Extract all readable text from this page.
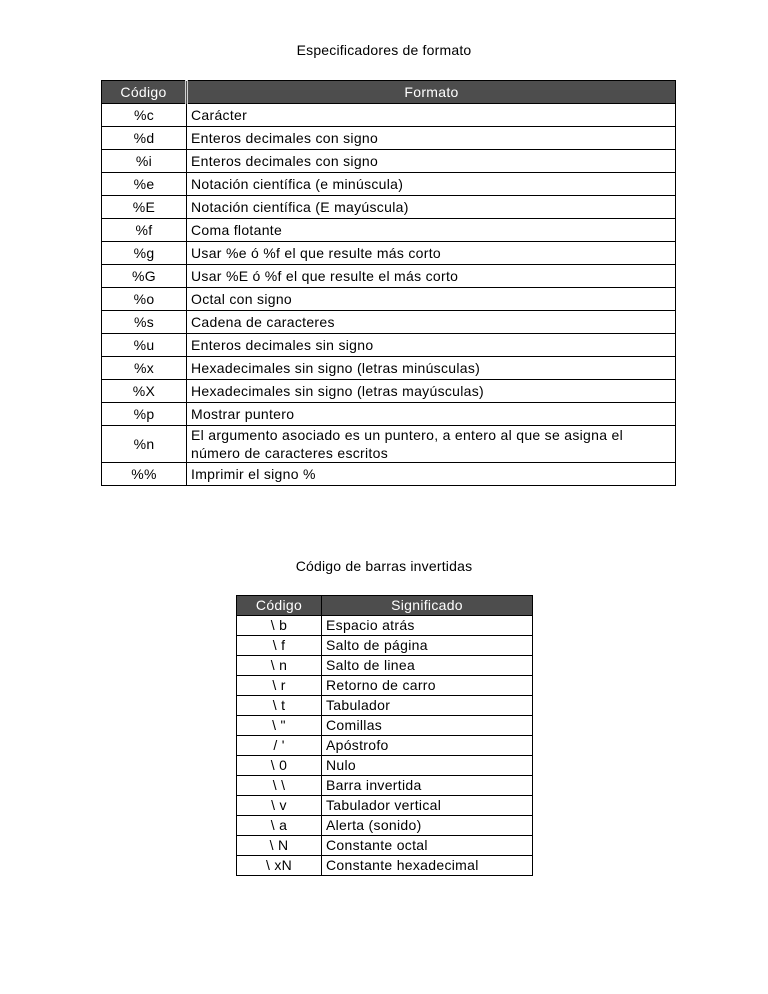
Especificadores de formato
Código	Formato
%c	Carácter
%d	Enteros decimales con signo
%i	Enteros decimales con signo
%e	Notación científica (e minúscula)
%E	Notación científica (E mayúscula)
%f	Coma flotante
%g	Usar %e ó %f el que resulte más corto
%G	Usar %E ó %f el que resulte el más corto
%o	Octal con signo
%s	Cadena de caracteres
%u	Enteros decimales sin signo
%x	Hexadecimales sin signo (letras minúsculas)
%X	Hexadecimales sin signo (letras mayúsculas)
%p	Mostrar puntero
%n	El argumento asociado es un puntero, a entero al que se asigna el número de caracteres escritos
%%	Imprimir el signo %
Código de barras invertidas
Código	Significado
\ b	Espacio atrás
\ f	Salto de página
\ n	Salto de linea
\ r	Retorno de carro
\ t	Tabulador
\ "	Comillas
/ '	Apóstrofo
\ 0	Nulo
\ \	Barra invertida
\ v	Tabulador vertical
\ a	Alerta (sonido)
\ N	Constante octal
\ xN	Constante hexadecimal
